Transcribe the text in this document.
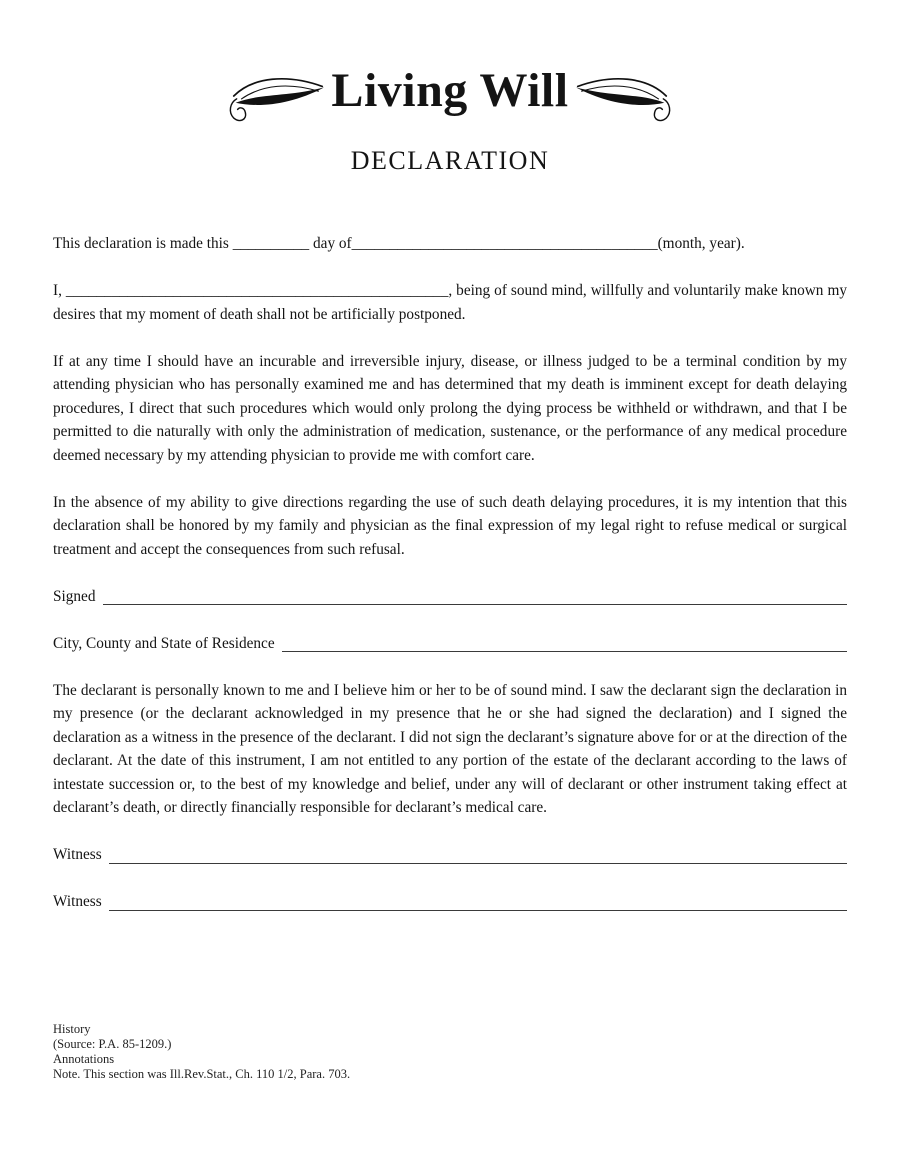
Living Will
DECLARATION

This declaration is made this __________ day of________________________________________(month, year).

I, __________________________________________________, being of sound mind, willfully and voluntarily make known my desires that my moment of death shall not be artificially postponed.

If at any time I should have an incurable and irreversible injury, disease, or illness judged to be a terminal condition by my attending physician who has personally examined me and has determined that my death is imminent except for death delaying procedures, I direct that such procedures which would only prolong the dying process be withheld or withdrawn, and that I be permitted to die naturally with only the administration of medication, sustenance, or the performance of any medical procedure deemed necessary by my attending physician to provide me with comfort care.

In the absence of my ability to give directions regarding the use of such death delaying procedures, it is my intention that this declaration shall be honored by my family and physician as the final expression of my legal right to refuse medical or surgical treatment and accept the consequences from such refusal.

Signed
City, County and State of Residence

The declarant is personally known to me and I believe him or her to be of sound mind. I saw the declarant sign the declaration in my presence (or the declarant acknowledged in my presence that he or she had signed the declaration) and I signed the declaration as a witness in the presence of the declarant. I did not sign the declarant’s signature above for or at the direction of the declarant. At the date of this instrument, I am not entitled to any portion of the estate of the declarant according to the laws of intestate succession or, to the best of my knowledge and belief, under any will of declarant or other instrument taking effect at declarant’s death, or directly financially responsible for declarant’s medical care.

Witness
Witness

History

(Source: P.A. 85-1209.)

Annotations

Note. This section was Ill.Rev.Stat., Ch. 110 1/2, Para. 703.
